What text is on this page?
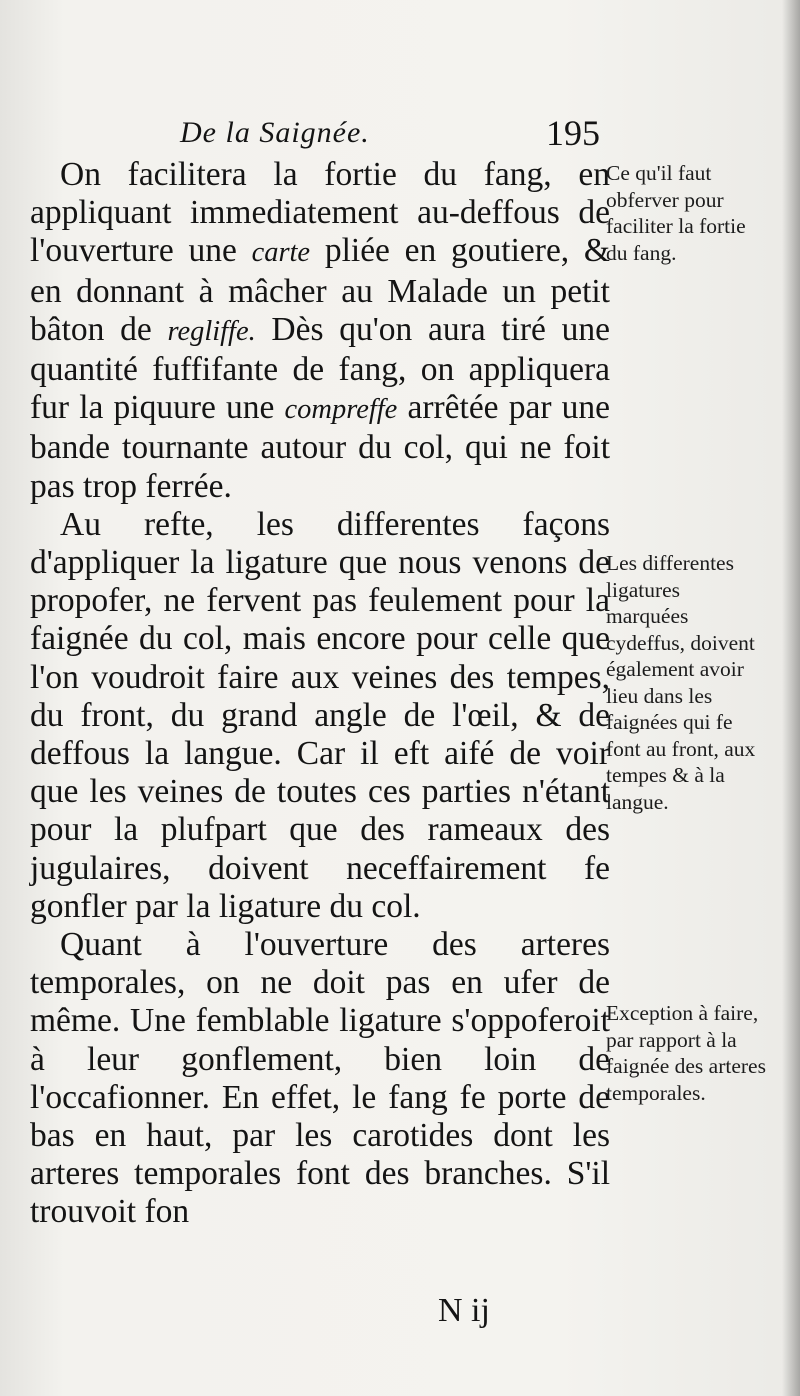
De la Saignée.	195

On facilitera la fortie du fang, en appliquant immediatement au-deffous de l'ouverture une carte pliée en goutiere, & en donnant à mâcher au Malade un petit bâton de regliffe. Dès qu'on aura tiré une quantité fuffifante de fang, on appliquera fur la piquure une compreffe arrêtée par une bande tournante autour du col, qui ne foit pas trop ferrée.

Au refte, les differentes façons d'appliquer la ligature que nous venons de propofer, ne fervent pas feulement pour la faignée du col, mais encore pour celle que l'on voudroit faire aux veines des tempes, du front, du grand angle de l'œil, & de deffous la langue. Car il eft aifé de voir que les veines de toutes ces parties n'étant pour la plufpart que des rameaux des jugulaires, doivent neceffairement fe gonfler par la ligature du col.

Quant à l'ouverture des arteres temporales, on ne doit pas en ufer de même. Une femblable ligature s'oppoferoit à leur gonflement, bien loin de l'occafionner. En effet, le fang fe porte de bas en haut, par les carotides dont les arteres temporales font des branches. S'il trouvoit fon

Ce qu'il faut obferver pour faciliter la fortie du fang.
Les differentes ligatures marquées cydeffus, doivent également avoir lieu dans les faignées qui fe font au front, aux tempes & à la langue.
Exception à faire, par rapport à la faignée des arteres temporales.
N ij
